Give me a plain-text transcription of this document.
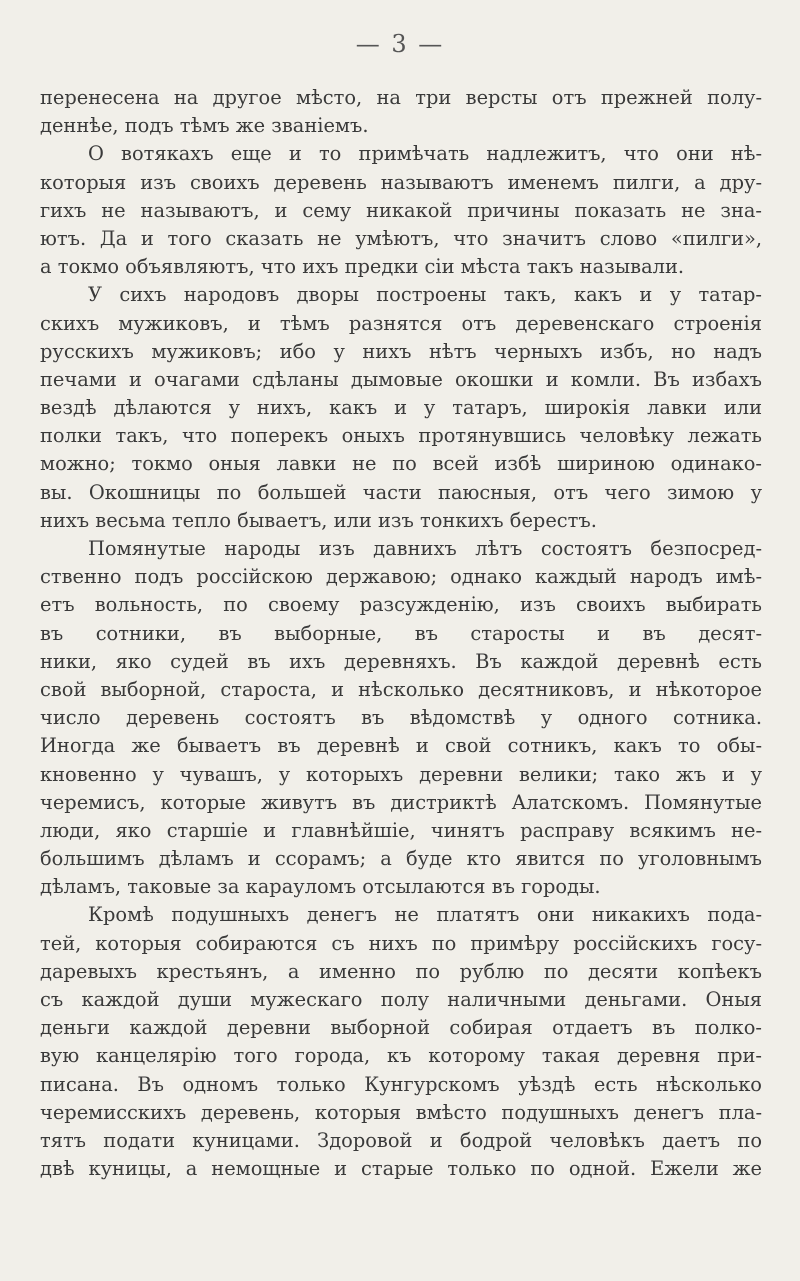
— 3 —
перенесена на другое мѣсто, на три версты отъ прежней полу-
деннѣе, подъ тѣмъ же званіемъ.
О вотякахъ еще и то примѣчать надлежитъ, что они нѣ-
которыя изъ своихъ деревень называютъ именемъ пилги, а дру-
гихъ не называютъ, и сему никакой причины показать не зна-
ютъ. Да и того сказать не умѣютъ, что значитъ слово «пилги»,
а токмо объявляютъ, что ихъ предки сіи мѣста такъ называли.
У сихъ народовъ дворы построены такъ, какъ и у татар-
скихъ мужиковъ, и тѣмъ разнятся отъ деревенскаго строенія
русскихъ мужиковъ; ибо у нихъ нѣтъ черныхъ избъ, но надъ
печами и очагами сдѣланы дымовые окошки и комли. Въ избахъ
вездѣ дѣлаются у нихъ, какъ и у татаръ, широкія лавки или
полки такъ, что поперекъ оныхъ протянувшись человѣку лежать
можно; токмо оныя лавки не по всей избѣ шириною одинако-
вы. Окошницы по большей части паюсныя, отъ чего зимою у
нихъ весьма тепло бываетъ, или изъ тонкихъ берестъ.
Помянутые народы изъ давнихъ лѣтъ состоятъ безпосред-
ственно подъ россійскою державою; однако каждый народъ имѣ-
етъ вольность, по своему разсужденію, изъ своихъ выбирать
въ сотники, въ выборные, въ старосты и въ десят-
ники, яко судей въ ихъ деревняхъ. Въ каждой деревнѣ есть
свой выборной, староста, и нѣсколько десятниковъ, и нѣкоторое
число деревень состоятъ въ вѣдомствѣ у одного сотника.
Иногда же бываетъ въ деревнѣ и свой сотникъ, какъ то обы-
кновенно у чувашъ, у которыхъ деревни велики; тако жъ и у
черемисъ, которые живутъ въ дистриктѣ Алатскомъ. Помянутые
люди, яко старшіе и главнѣйшіе, чинятъ расправу всякимъ не-
большимъ дѣламъ и ссорамъ; а буде кто явится по уголовнымъ
дѣламъ, таковые за карауломъ отсылаются въ городы.
Кромѣ подушныхъ денегъ не платятъ они никакихъ пода-
тей, которыя собираются съ нихъ по примѣру россійскихъ госу-
даревыхъ крестьянъ, а именно по рублю по десяти копѣекъ
съ каждой души мужескаго полу наличными деньгами. Оныя
деньги каждой деревни выборной собирая отдаетъ въ полко-
вую канцелярію того города, къ которому такая деревня при-
писана. Въ одномъ только Кунгурскомъ уѣздѣ есть нѣсколько
черемисскихъ деревень, которыя вмѣсто подушныхъ денегъ пла-
тятъ подати куницами. Здоровой и бодрой человѣкъ даетъ по
двѣ куницы, а немощные и старые только по одной. Ежели же
